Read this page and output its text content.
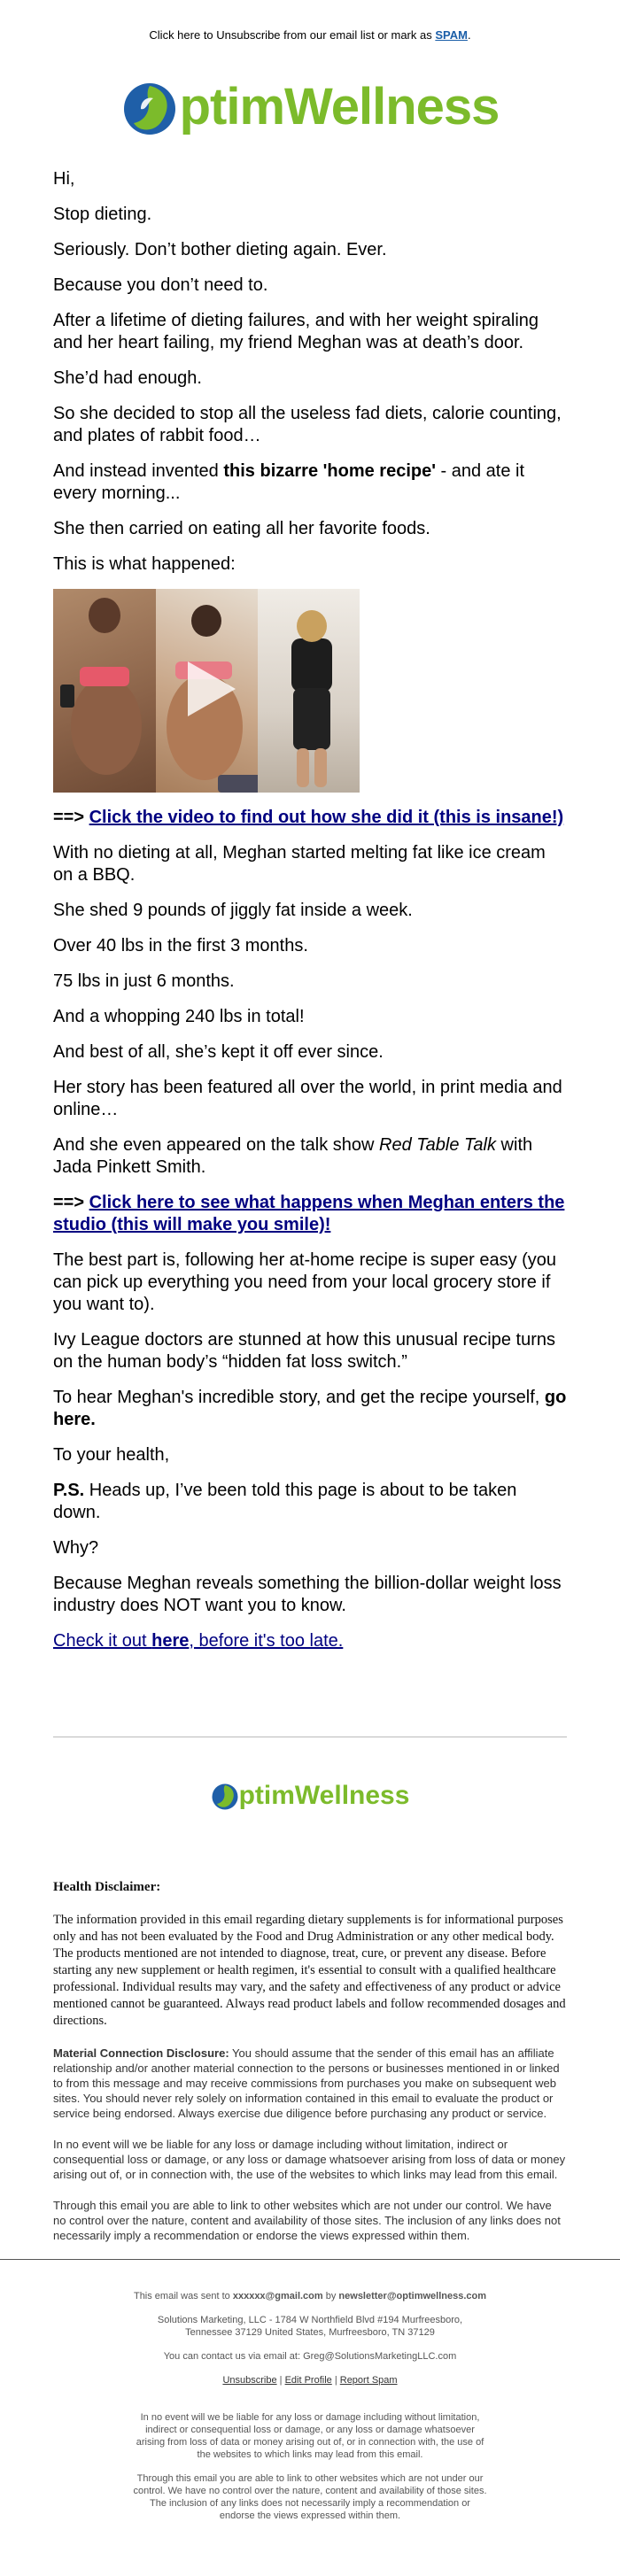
Click here to Unsubscribe from our email list or mark as SPAM.
ptimWellness

Hi,

Stop dieting.

Seriously. Don’t bother dieting again. Ever.

Because you don’t need to.

After a lifetime of dieting failures, and with her weight spiraling and her heart failing, my friend Meghan was at death’s door.

She’d had enough.

So she decided to stop all the useless fad diets, calorie counting, and plates of rabbit food…

And instead invented this bizarre 'home recipe' - and ate it every morning...

She then carried on eating all her favorite foods.

This is what happened:

==> Click the video to find out how she did it (this is insane!)

With no dieting at all, Meghan started melting fat like ice cream on a BBQ.

She shed 9 pounds of jiggly fat inside a week.

Over 40 lbs in the first 3 months.

75 lbs in just 6 months.

And a whopping 240 lbs in total!

And best of all, she’s kept it off ever since.

Her story has been featured all over the world, in print media and online…

And she even appeared on the talk show Red Table Talk with Jada Pinkett Smith.

==> Click here to see what happens when Meghan enters the studio (this will make you smile)!

The best part is, following her at-home recipe is super easy (you can pick up everything you need from your local grocery store if you want to).

Ivy League doctors are stunned at how this unusual recipe turns on the human body’s “hidden fat loss switch.”

To hear Meghan's incredible story, and get the recipe yourself, go here.

To your health,

P.S. Heads up, I’ve been told this page is about to be taken down.

Why?

Because Meghan reveals something the billion-dollar weight loss industry does NOT want you to know.

Check it out here, before it's too late.

ptimWellness
Health Disclaimer:

The information provided in this email regarding dietary supplements is for informational purposes only and has not been evaluated by the Food and Drug Administration or any other medical body. The products mentioned are not intended to diagnose, treat, cure, or prevent any disease. Before starting any new supplement or health regimen, it's essential to consult with a qualified healthcare professional. Individual results may vary, and the safety and effectiveness of any product or advice mentioned cannot be guaranteed. Always read product labels and follow recommended dosages and directions.

Material Connection Disclosure: You should assume that the sender of this email has an affiliate relationship and/or another material connection to the persons or businesses mentioned in or linked to from this message and may receive commissions from purchases you make on subsequent web sites. You should never rely solely on information contained in this email to evaluate the product or service being endorsed. Always exercise due diligence before purchasing any product or service.

In no event will we be liable for any loss or damage including without limitation, indirect or consequential loss or damage, or any loss or damage whatsoever arising from loss of data or money arising out of, or in connection with, the use of the websites to which links may lead from this email.

Through this email you are able to link to other websites which are not under our control. We have no control over the nature, content and availability of those sites. The inclusion of any links does not necessarily imply a recommendation or endorse the views expressed within them.

This email was sent to xxxxxx@gmail.com by newsletter@optimwellness.com

Solutions Marketing, LLC - 1784 W Northfield Blvd #194 Murfreesboro, Tennessee 37129 United States, Murfreesboro, TN 37129

You can contact us via email at: Greg@SolutionsMarketingLLC.com

Unsubscribe | Edit Profile | Report Spam

In no event will we be liable for any loss or damage including without limitation, indirect or consequential loss or damage, or any loss or damage whatsoever arising from loss of data or money arising out of, or in connection with, the use of the websites to which links may lead from this email.

Through this email you are able to link to other websites which are not under our control. We have no control over the nature, content and availability of those sites. The inclusion of any links does not necessarily imply a recommendation or endorse the views expressed within them.
